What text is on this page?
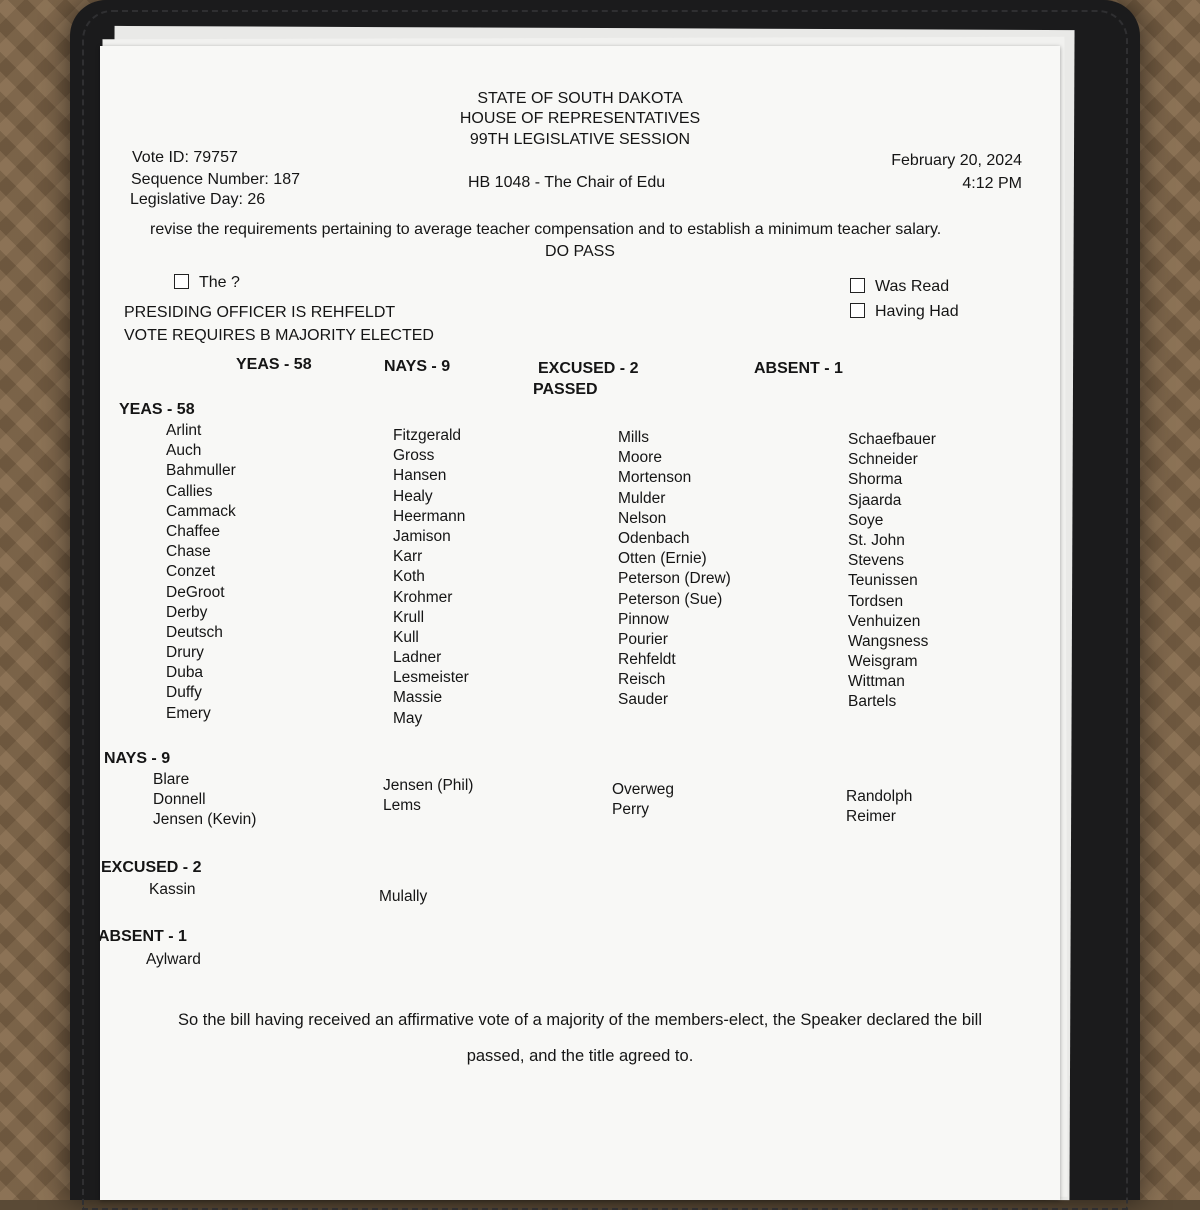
STATE OF SOUTH DAKOTA
HOUSE OF REPRESENTATIVES
99TH LEGISLATIVE SESSION
Vote ID: 79757
Sequence Number: 187
Legislative Day: 26
HB 1048 - The Chair of Edu
February 20, 2024
4:12 PM
revise the requirements pertaining to average teacher compensation and to establish a minimum teacher salary.
DO PASS
The ?	Was Read
Having Had
PRESIDING OFFICER IS REHFELDT
VOTE REQUIRES B MAJORITY ELECTED
YEAS - 58	NAYS - 9	EXCUSED - 2	ABSENT - 1
PASSED
YEAS - 58
Arlint
Auch
Bahmuller
Callies
Cammack
Chaffee
Chase
Conzet
DeGroot
Derby
Deutsch
Drury
Duba
Duffy
Emery
Fitzgerald
Gross
Hansen
Healy
Heermann
Jamison
Karr
Koth
Krohmer
Krull
Kull
Ladner
Lesmeister
Massie
May
Mills
Moore
Mortenson
Mulder
Nelson
Odenbach
Otten (Ernie)
Peterson (Drew)
Peterson (Sue)
Pinnow
Pourier
Rehfeldt
Reisch
Sauder
Schaefbauer
Schneider
Shorma
Sjaarda
Soye
St. John
Stevens
Teunissen
Tordsen
Venhuizen
Wangsness
Weisgram
Wittman
Bartels
NAYS - 9
Blare
Donnell
Jensen (Kevin)
Jensen (Phil)
Lems
Overweg
Perry
Randolph
Reimer
EXCUSED - 2
Kassin	Mulally
ABSENT - 1
Aylward
So the bill having received an affirmative vote of a majority of the members-elect, the Speaker declared the bill
passed, and the title agreed to.
